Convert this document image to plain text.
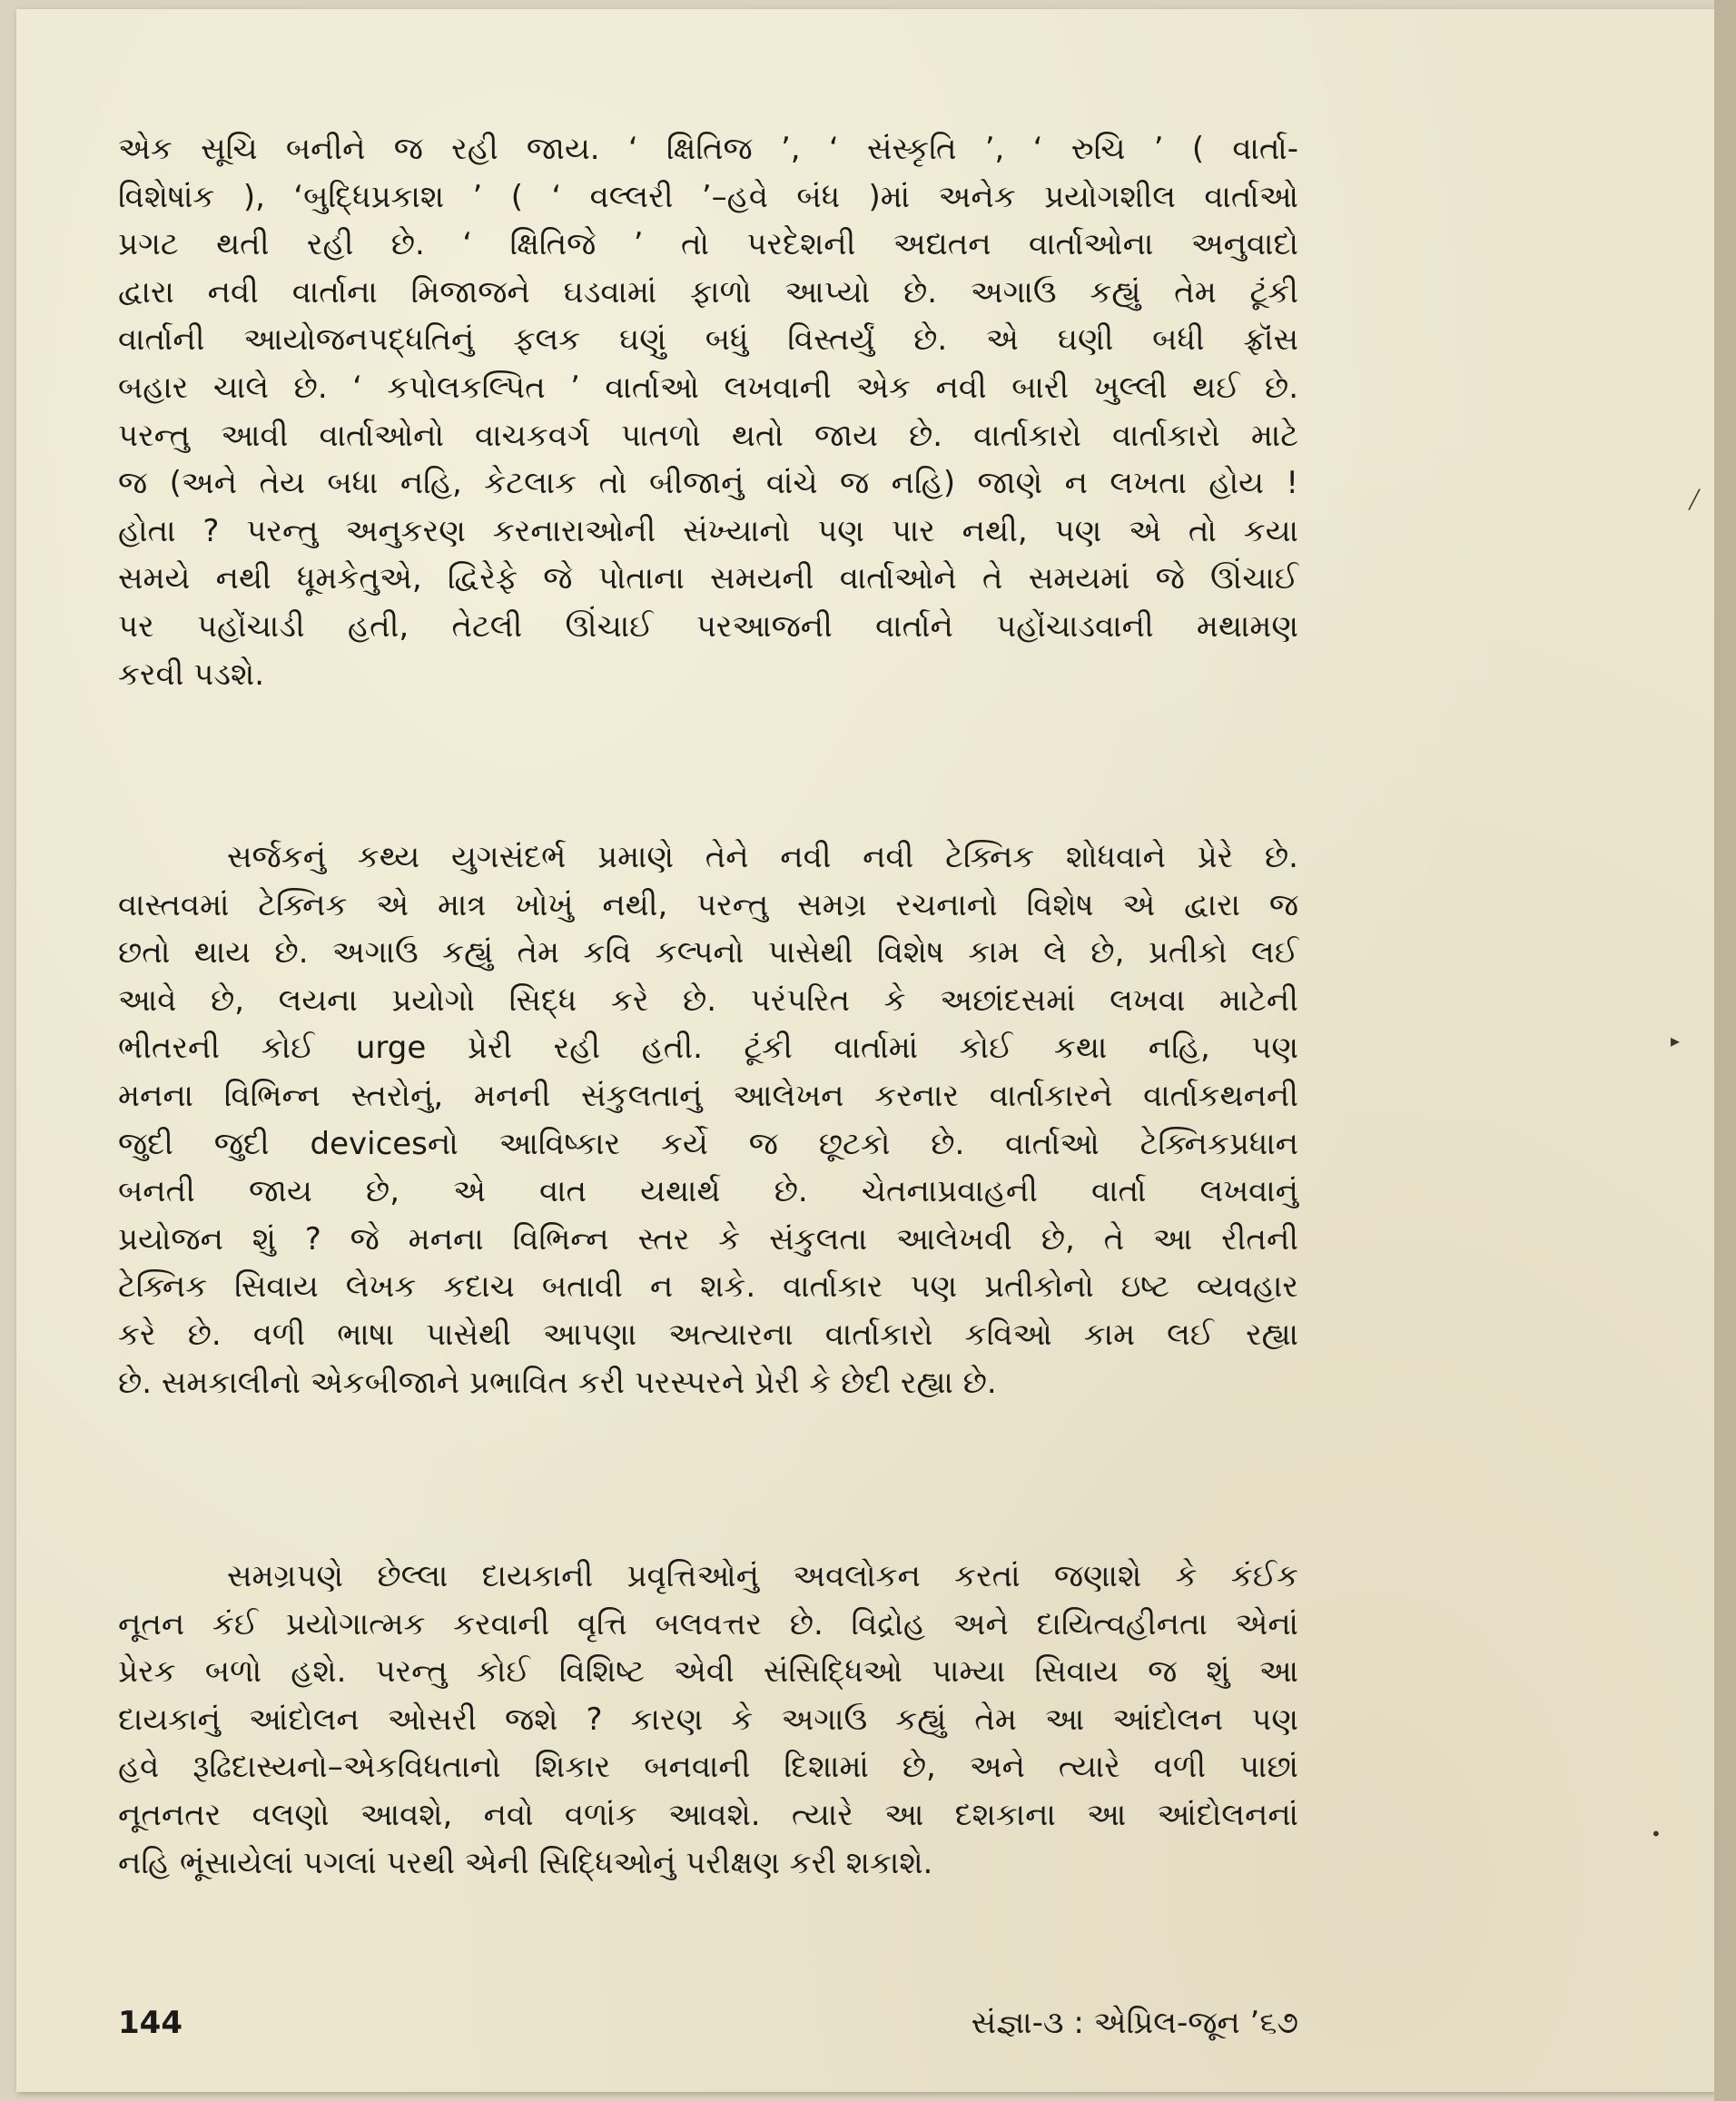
એક સૂચિ બનીને જ રહી જાય. ‘ ક્ષિતિજ ’, ‘ સંસ્કૃતિ ’, ‘ રુચિ ’ ( વાર્તા-
વિશેષાંક ), ‘બુદ્ધિપ્રકાશ ’ ( ‘ વલ્લરી ’–હવે બંધ )માં અનેક પ્રયોગશીલ વાર્તાઓ
પ્રગટ થતી રહી છે. ‘ ક્ષિતિજે ’ તો પરદેશની અદ્યતન વાર્તાઓના અનુવાદો
દ્વારા નવી વાર્તાના મિજાજને ઘડવામાં ફાળો આપ્યો છે. અગાઉ કહ્યું તેમ ટૂંકી
વાર્તાની આયોજનપદ્ધતિનું ફલક ઘણું બધું વિસ્તર્યું છે. એ ઘણી બધી ફ્રૉંસ
બહાર ચાલે છે. ‘ કપોલકલ્પિત ’ વાર્તાઓ લખવાની એક નવી બારી ખુલ્લી થઈ છે.
પરન્તુ આવી વાર્તાઓનો વાચકવર્ગ પાતળો થતો જાય છે. વાર્તાકારો વાર્તાકારો માટે
જ (અને તેય બધા નહિ, કેટલાક તો બીજાનું વાંચે જ નહિ) જાણે ન લખતા હોય !
હોતા ? પરન્તુ અનુકરણ કરનારાઓની સંખ્યાનો પણ પાર નથી, પણ એ તો કયા
સમયે નથી ધૂમકેતુએ, દ્વિરેફે જે પોતાના સમયની વાર્તાઓને તે સમયમાં જે ઊંચાઈ
પર પહોંચાડી હતી, તેટલી ઊંચાઈ પરઆજની વાર્તાને પહોંચાડવાની મથામણ
કરવી પડશે.
સર્જકનું કથ્ય યુગસંદર્ભ પ્રમાણે તેને નવી નવી ટેક્નિક શોધવાને પ્રેરે છે.
વાસ્તવમાં ટેક્નિક એ માત્ર ખોખું નથી, પરન્તુ સમગ્ર રચનાનો વિશેષ એ દ્વારા જ
છતો થાય છે. અગાઉ કહ્યું તેમ કવિ કલ્પનો પાસેથી વિશેષ કામ લે છે, પ્રતીકો લઈ
આવે છે, લયના પ્રયોગો સિદ્ધ કરે છે. પરંપરિત કે અછાંદસમાં લખવા માટેની
ભીતરની કોઈ urge પ્રેરી રહી હતી. ટૂંકી વાર્તામાં કોઈ કથા નહિ, પણ
મનના વિભિન્ન સ્તરોનું, મનની સંકુલતાનું આલેખન કરનાર વાર્તાકારને વાર્તાકથનની
જુદી જુદી devicesનો આવિષ્કાર કર્યે જ છૂટકો છે. વાર્તાઓ ટેક્નિકપ્રધાન
બનતી જાય છે, એ વાત યથાર્થ છે. ચેતનાપ્રવાહની વાર્તા લખવાનું
પ્રયોજન શું ? જે મનના વિભિન્ન સ્તર કે સંકુલતા આલેખવી છે, તે આ રીતની
ટેક્નિક સિવાય લેખક કદાચ બતાવી ન શકે. વાર્તાકાર પણ પ્રતીકોનો ઇષ્ટ વ્યવહાર
કરે છે. વળી ભાષા પાસેથી આપણા અત્યારના વાર્તાકારો કવિઓ કામ લઈ રહ્યા
છે. સમકાલીનો એકબીજાને પ્રભાવિત કરી પરસ્પરને પ્રેરી કે છેદી રહ્યા છે.
સમગ્રપણે છેલ્લા દાયકાની પ્રવૃત્તિઓનું અવલોકન કરતાં જણાશે કે કંઈક
નૂતન કંઈ પ્રયોગાત્મક કરવાની વૃત્તિ બલવત્તર છે. વિદ્રોહ અને દાયિત્વહીનતા એનાં
પ્રેરક બળો હશે. પરન્તુ કોઈ વિશિષ્ટ એવી સંસિદ્ધિઓ પામ્યા સિવાય જ શું આ
દાયકાનું આંદોલન ઓસરી જશે ? કારણ કે અગાઉ કહ્યું તેમ આ આંદોલન પણ
હવે રૂઢિદાસ્યનો–એકવિધતાનો શિકાર બનવાની દિશામાં છે, અને ત્યારે વળી પાછાં
નૂતનતર વલણો આવશે, નવો વળાંક આવશે. ત્યારે આ દશકાના આ આંદોલનનાં
નહિ ભૂંસાયેલાં પગલાં પરથી એની સિદ્ધિઓનું પરીક્ષણ કરી શકાશે.
144	સંજ્ઞા-૩ : એપ્રિલ-જૂન ’૬૭
╱
▸
•
